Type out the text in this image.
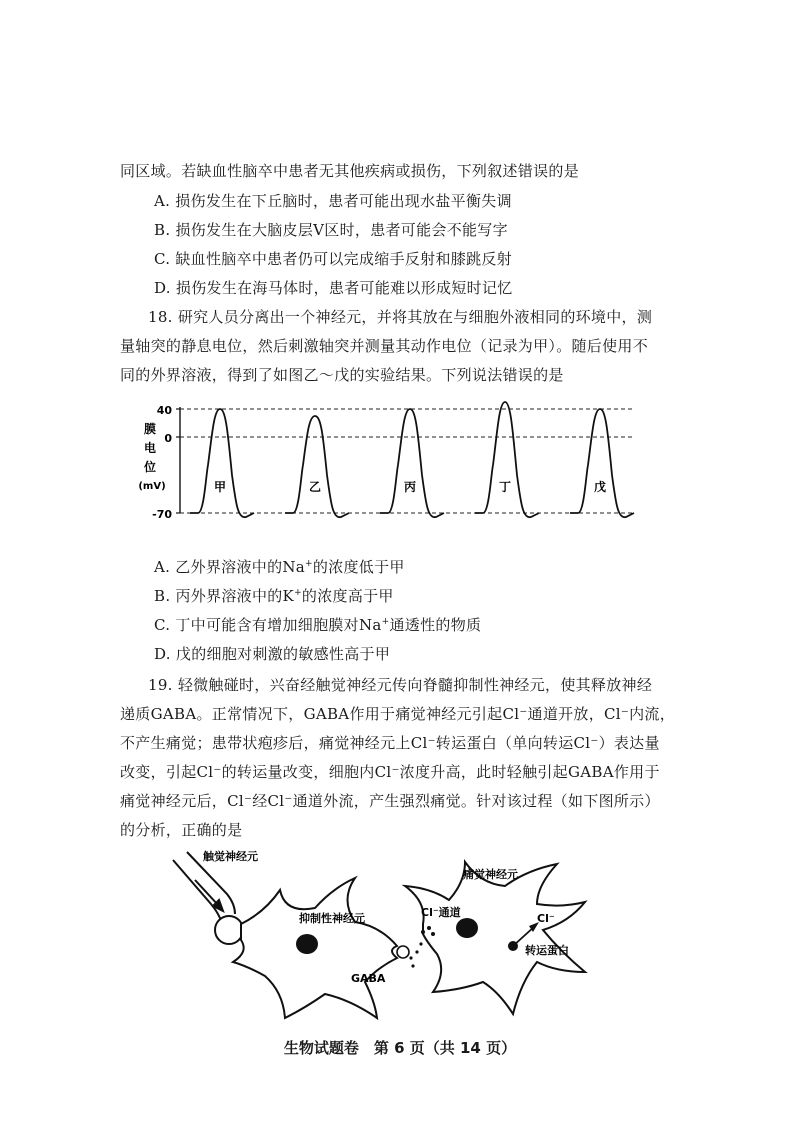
同区域。若缺血性脑卒中患者无其他疾病或损伤，下列叙述错误的是
A. 损伤发生在下丘脑时，患者可能出现水盐平衡失调
B. 损伤发生在大脑皮层Ⅴ区时，患者可能会不能写字
C. 缺血性脑卒中患者仍可以完成缩手反射和膝跳反射
D. 损伤发生在海马体时，患者可能难以形成短时记忆
18. 研究人员分离出一个神经元，并将其放在与细胞外液相同的环境中，测
量轴突的静息电位，然后刺激轴突并测量其动作电位（记录为甲）。随后使用不
同的外界溶液，得到了如图乙～戊的实验结果。下列说法错误的是
40
0
-70
膜
电
位
(mV)	甲	乙	丙	丁	戊
A. 乙外界溶液中的Na+的浓度低于甲
B. 丙外界溶液中的K+的浓度高于甲
C. 丁中可能含有增加细胞膜对Na+通透性的物质
D. 戊的细胞对刺激的敏感性高于甲
19. 轻微触碰时，兴奋经触觉神经元传向脊髓抑制性神经元，使其释放神经
递质GABA。正常情况下，GABA作用于痛觉神经元引起Cl⁻通道开放，Cl⁻内流，
不产生痛觉；患带状疱疹后，痛觉神经元上Cl⁻转运蛋白（单向转运Cl⁻）表达量
改变，引起Cl⁻的转运量改变，细胞内Cl⁻浓度升高，此时轻触引起GABA作用于
痛觉神经元后，Cl⁻经Cl⁻通道外流，产生强烈痛觉。针对该过程（如下图所示）
的分析，正确的是
触觉神经元
抑制性神经元
痛觉神经元
Cl⁻通道	Cl⁻
转运蛋白
GABA
生物试题卷　第 6 页（共 14 页）
